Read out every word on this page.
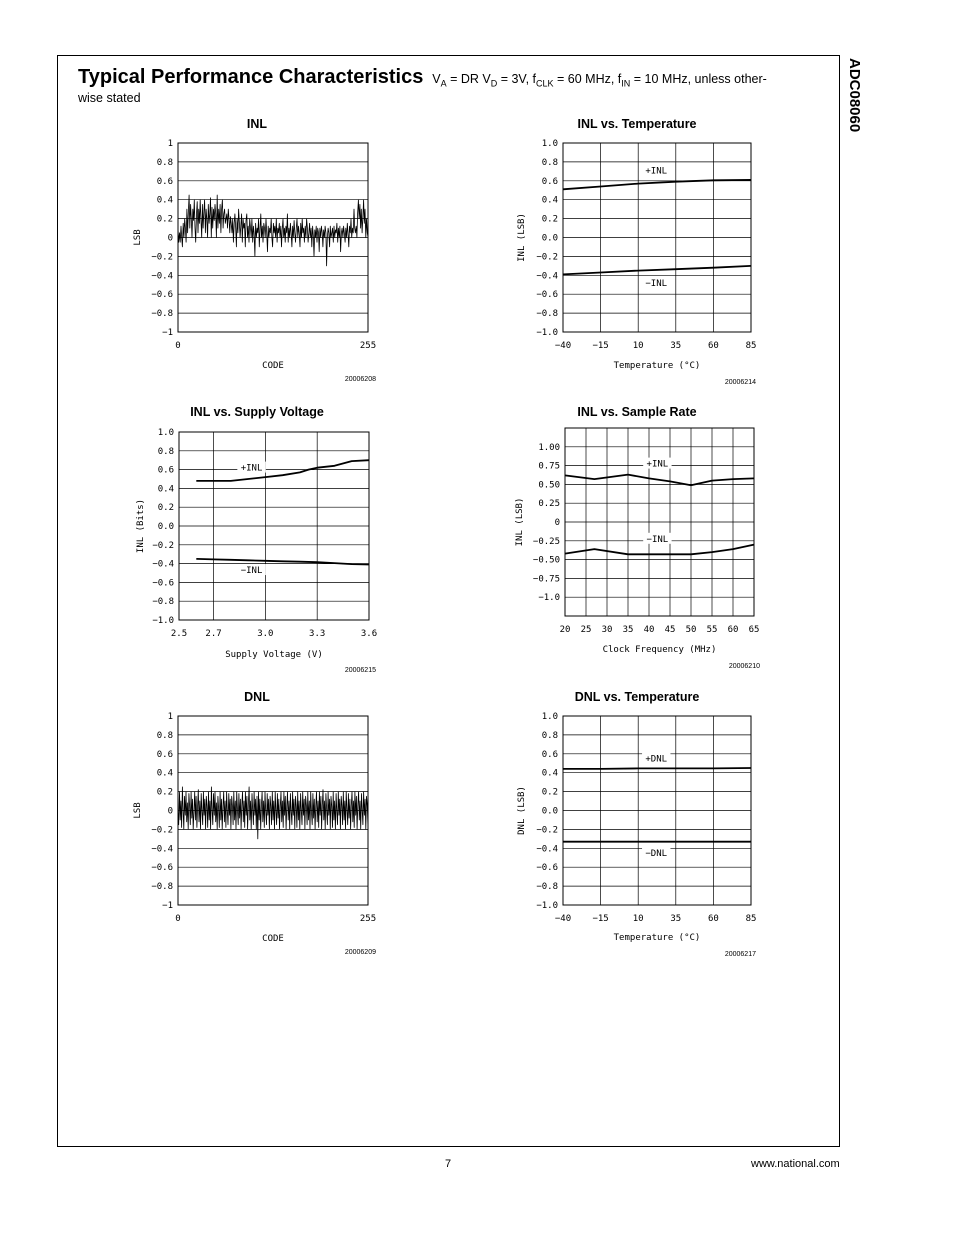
ADC08060
Typical Performance Characteristics $V_A$ = DR $V_D = 3V$, $f_{CLK} = 60$ MHz, $f_{IN} = 10$ MHz, unless other-
wise stated
INL	INL vs. Temperature
INL vs. Supply Voltage	INL vs. Sample Rate
DNL	DNL vs. Temperature
1
0.8
0.6
0.4
0.2
0
−0.2
−0.4
−0.6
−0.8
−1
0	255
CODE
LSB
20006208
1.0
0.8
0.6
0.4
0.2
0.0
−0.2
−0.4
−0.6
−0.8
−1.0
−40 −15	10	35	60	85
Temperature (°C)
INL (LSB)
20006214
+INL
−INL
1.0
0.8
0.6
0.4
0.2
0.0
−0.2
−0.4
−0.6
−0.8
−1.0
2.5 2.7	3.0	3.3	3.6
Supply Voltage (V)
INL (Bits)
20006215
+INL
−INL
1.00
0.75
0.50
0.25
0
−0.25
−0.50
−0.75
−1.0
20 25 30 35 40 45 50 55 60 65
Clock Frequency (MHz)
INL (LSB)
20006210
+INL
−INL
1
0.8
0.6
0.4
0.2
0
−0.2
−0.4
−0.6
−0.8
−1
0	255
CODE
LSB
20006209
1.0
0.8
0.6
0.4
0.2
0.0
−0.2
−0.4
−0.6
−0.8
−1.0
−40 −15	10	35	60	85
Temperature (°C)
DNL (LSB)
20006217
+DNL
−DNL
7	www.national.com
